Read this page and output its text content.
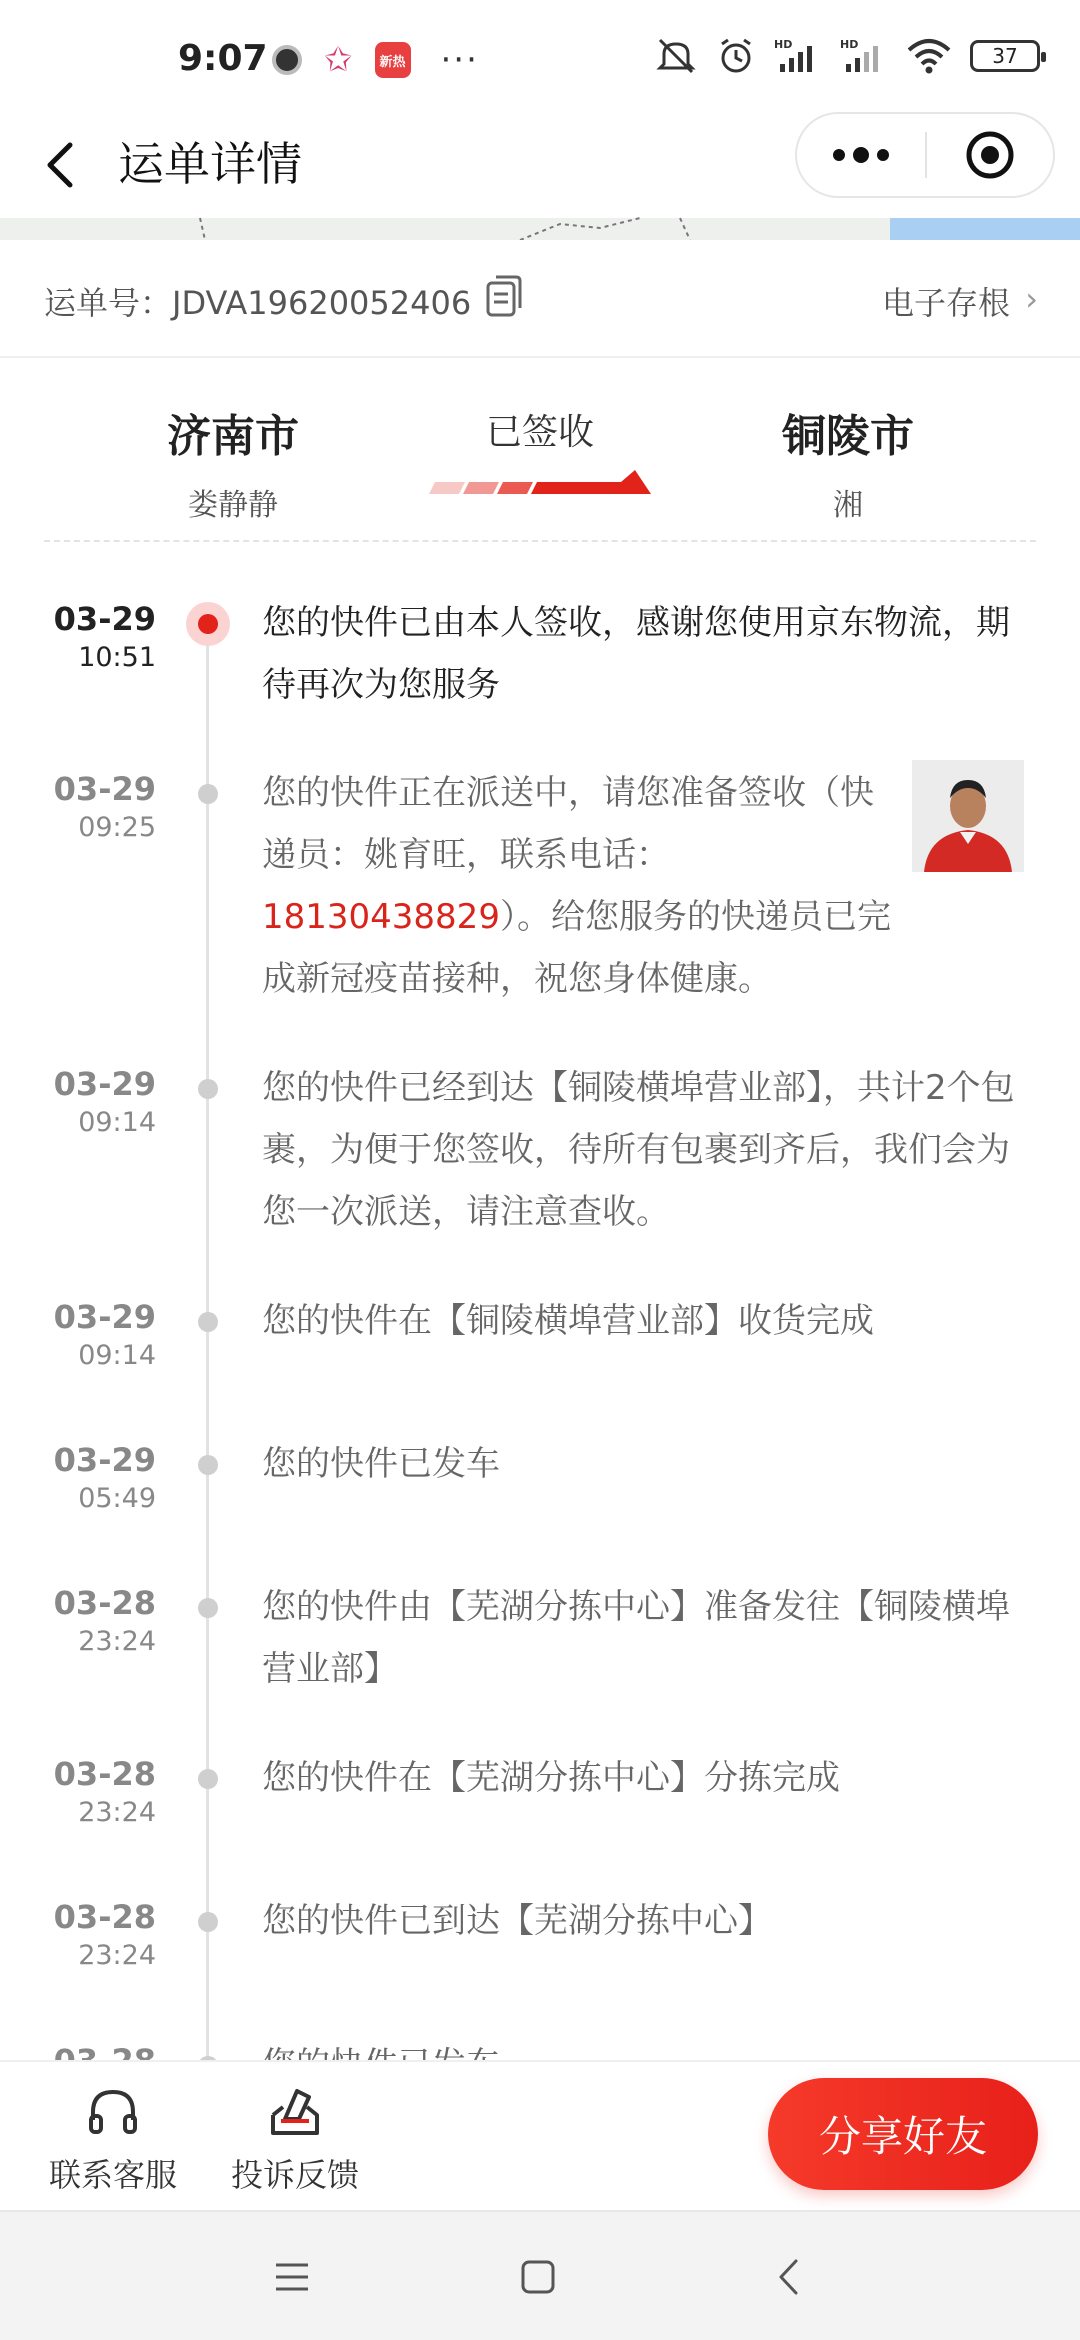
9:07 ✩	新热 ···	HD	HD	37
运单详情
运单号：JDVA19620052406	电子存根 ›
济南市
娄静静
已签收	铜陵市
湘
03-29
10:51
您的快件已由本人签收，感谢您使用京东物流，期待再次为您服务
03-29
09:25
您的快件正在派送中，请您准备签收（快递员：姚育旺，联系电话：18130438829）。给您服务的快递员已完成新冠疫苗接种，祝您身体健康。
03-29
09:14
您的快件已经到达【铜陵横埠营业部】，共计2个包裹，为便于您签收，待所有包裹到齐后，我们会为您一次派送，请注意查收。
03-29
09:14
您的快件在【铜陵横埠营业部】收货完成
03-29
05:49
您的快件已发车
03-28
23:24
您的快件由【芜湖分拣中心】准备发往【铜陵横埠营业部】
03-28
23:24
您的快件在【芜湖分拣中心】分拣完成
03-28
23:24
您的快件已到达【芜湖分拣中心】
联系客服	投诉反馈
分享好友
